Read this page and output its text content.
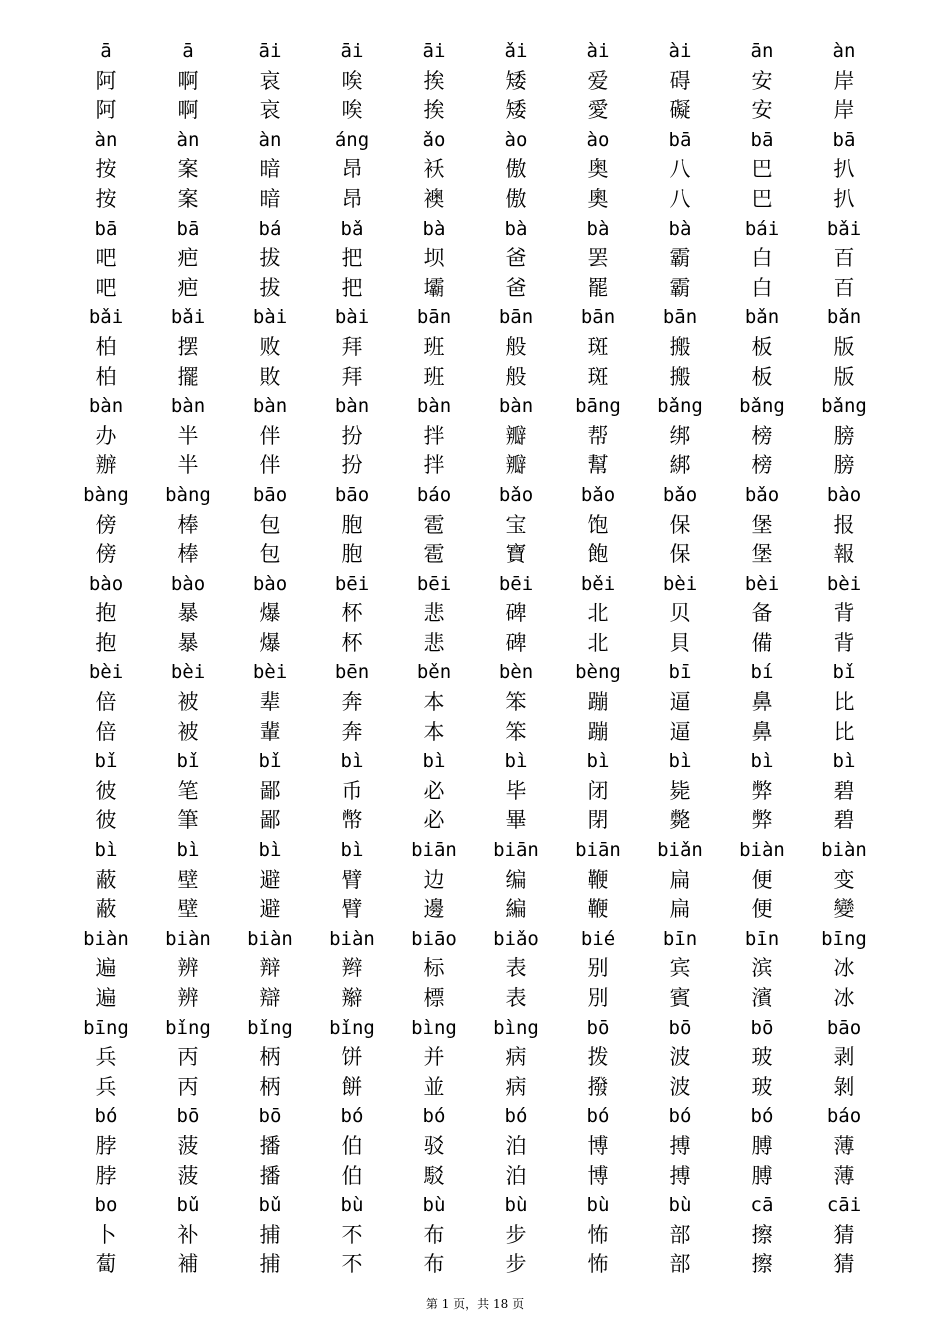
ā	ā	āi	āi	āi	ǎi	ài	ài	ān	àn
阿	啊	哀	唉	挨	矮	爱	碍	安	岸
阿	啊	哀	唉	挨	矮	愛	礙	安	岸
àn	àn	àn	áng	ǎo	ào	ào	bā	bā	bā
按	案	暗	昂	袄	傲	奥	八	巴	扒
按	案	暗	昂	襖	傲	奧	八	巴	扒
bā	bā	bá	bǎ	bà	bà	bà	bà	bái	bǎi
吧	疤	拔	把	坝	爸	罢	霸	白	百
吧	疤	拔	把	壩	爸	罷	霸	白	百
bǎi	bǎi	bài	bài	bān	bān	bān	bān	bǎn	bǎn
柏	摆	败	拜	班	般	斑	搬	板	版
柏	擺	敗	拜	班	般	斑	搬	板	版
bàn	bàn	bàn	bàn	bàn	bàn	bāng	bǎng	bǎng	bǎng
办	半	伴	扮	拌	瓣	帮	绑	榜	膀
辦	半	伴	扮	拌	瓣	幫	綁	榜	膀
bàng	bàng	bāo	bāo	báo	bǎo	bǎo	bǎo	bǎo	bào
傍	棒	包	胞	雹	宝	饱	保	堡	报
傍	棒	包	胞	雹	寶	飽	保	堡	報
bào	bào	bào	bēi	bēi	bēi	běi	bèi	bèi	bèi
抱	暴	爆	杯	悲	碑	北	贝	备	背
抱	暴	爆	杯	悲	碑	北	貝	備	背
bèi	bèi	bèi	bēn	běn	bèn	bèng	bī	bí	bǐ
倍	被	辈	奔	本	笨	蹦	逼	鼻	比
倍	被	輩	奔	本	笨	蹦	逼	鼻	比
bǐ	bǐ	bǐ	bì	bì	bì	bì	bì	bì	bì
彼	笔	鄙	币	必	毕	闭	毙	弊	碧
彼	筆	鄙	幣	必	畢	閉	斃	弊	碧
bì	bì	bì	bì	biān	biān	biān	biǎn	biàn	biàn
蔽	壁	避	臂	边	编	鞭	扁	便	变
蔽	壁	避	臂	邊	編	鞭	扁	便	變
biàn	biàn	biàn	biàn	biāo	biǎo	bié	bīn	bīn	bīng
遍	辨	辩	辫	标	表	别	宾	滨	冰
遍	辨	辯	辮	標	表	別	賓	濱	冰
bīng	bǐng	bǐng	bǐng	bìng	bìng	bō	bō	bō	bāo
兵	丙	柄	饼	并	病	拨	波	玻	剥
兵	丙	柄	餅	並	病	撥	波	玻	剝
bó	bō	bō	bó	bó	bó	bó	bó	bó	báo
脖	菠	播	伯	驳	泊	博	搏	膊	薄
脖	菠	播	伯	駁	泊	博	搏	膊	薄
bo	bǔ	bǔ	bù	bù	bù	bù	bù	cā	cāi
卜	补	捕	不	布	步	怖	部	擦	猜
蔔	補	捕	不	布	步	怖	部	擦	猜
第 1 页，共 18 页
